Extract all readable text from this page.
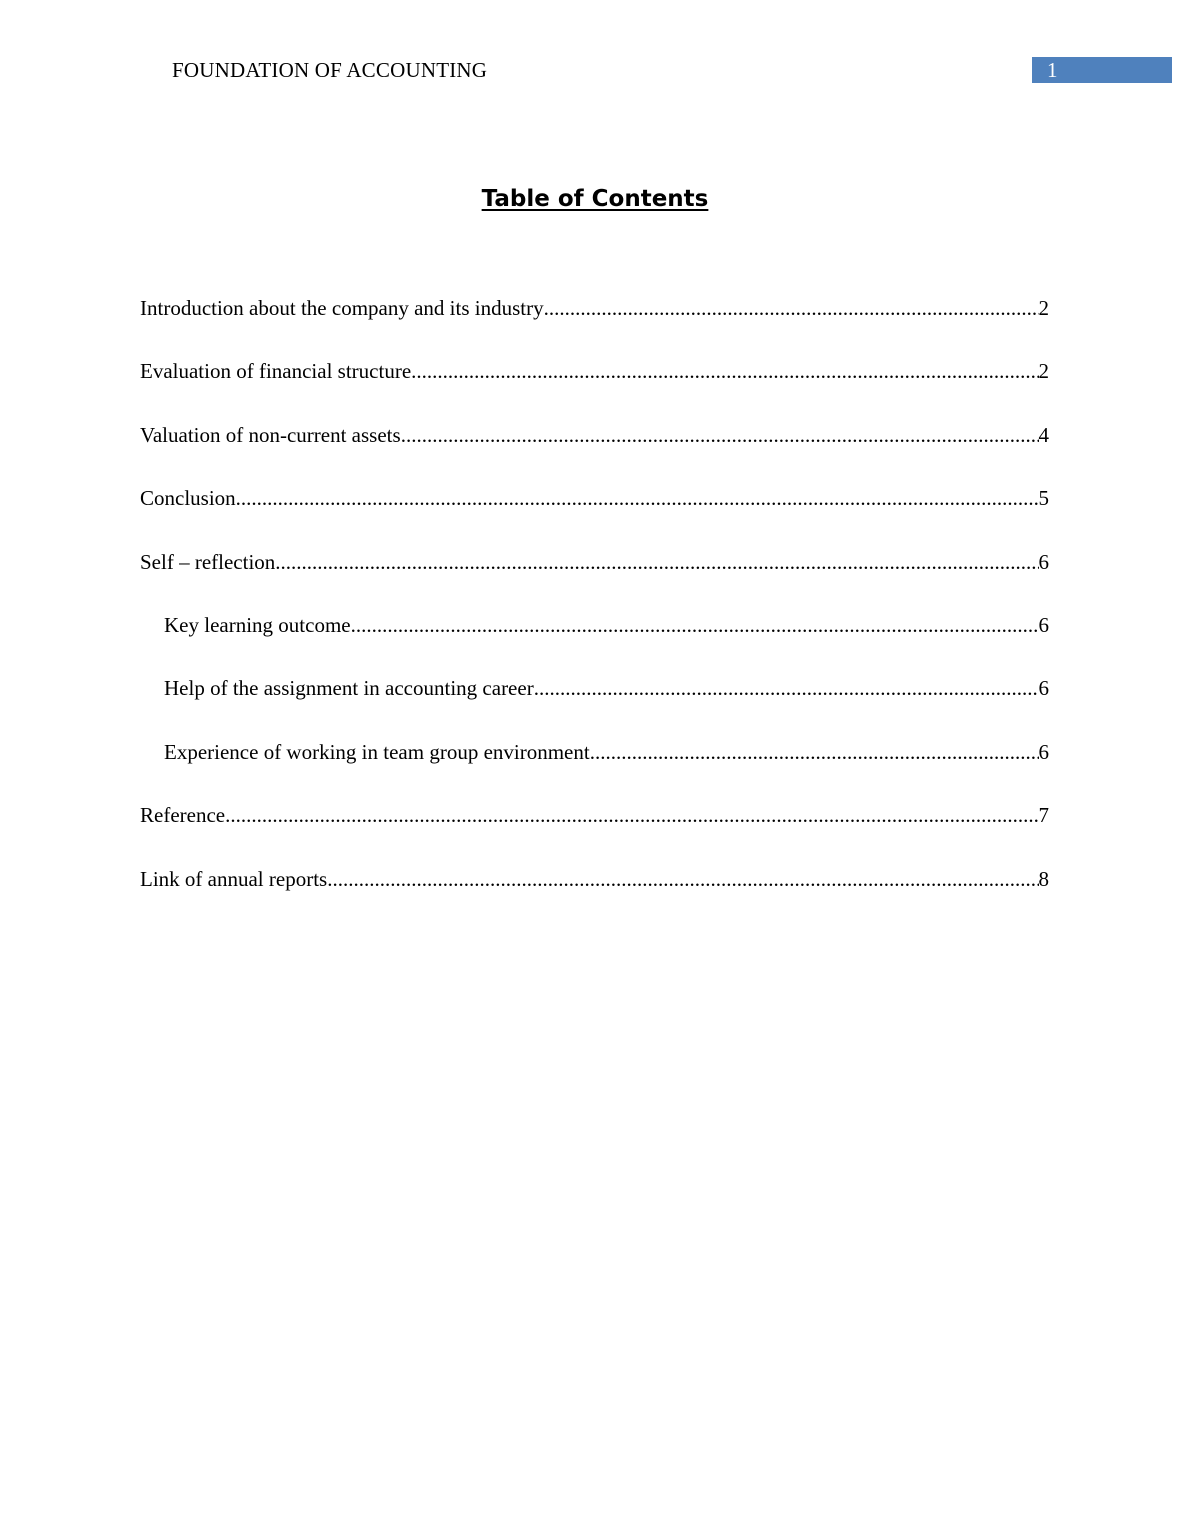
FOUNDATION OF ACCOUNTING	1
Table of Contents
Introduction about the company and its industry .....	2
Evaluation of financial structure .....	2
Valuation of non-current assets .....	4
Conclusion .....	5
Self – reflection .....	6
Key learning outcome .....	6
Help of the assignment in accounting career .....	6
Experience of working in team group environment .....	6
Reference .....	7
Link of annual reports .....	8
